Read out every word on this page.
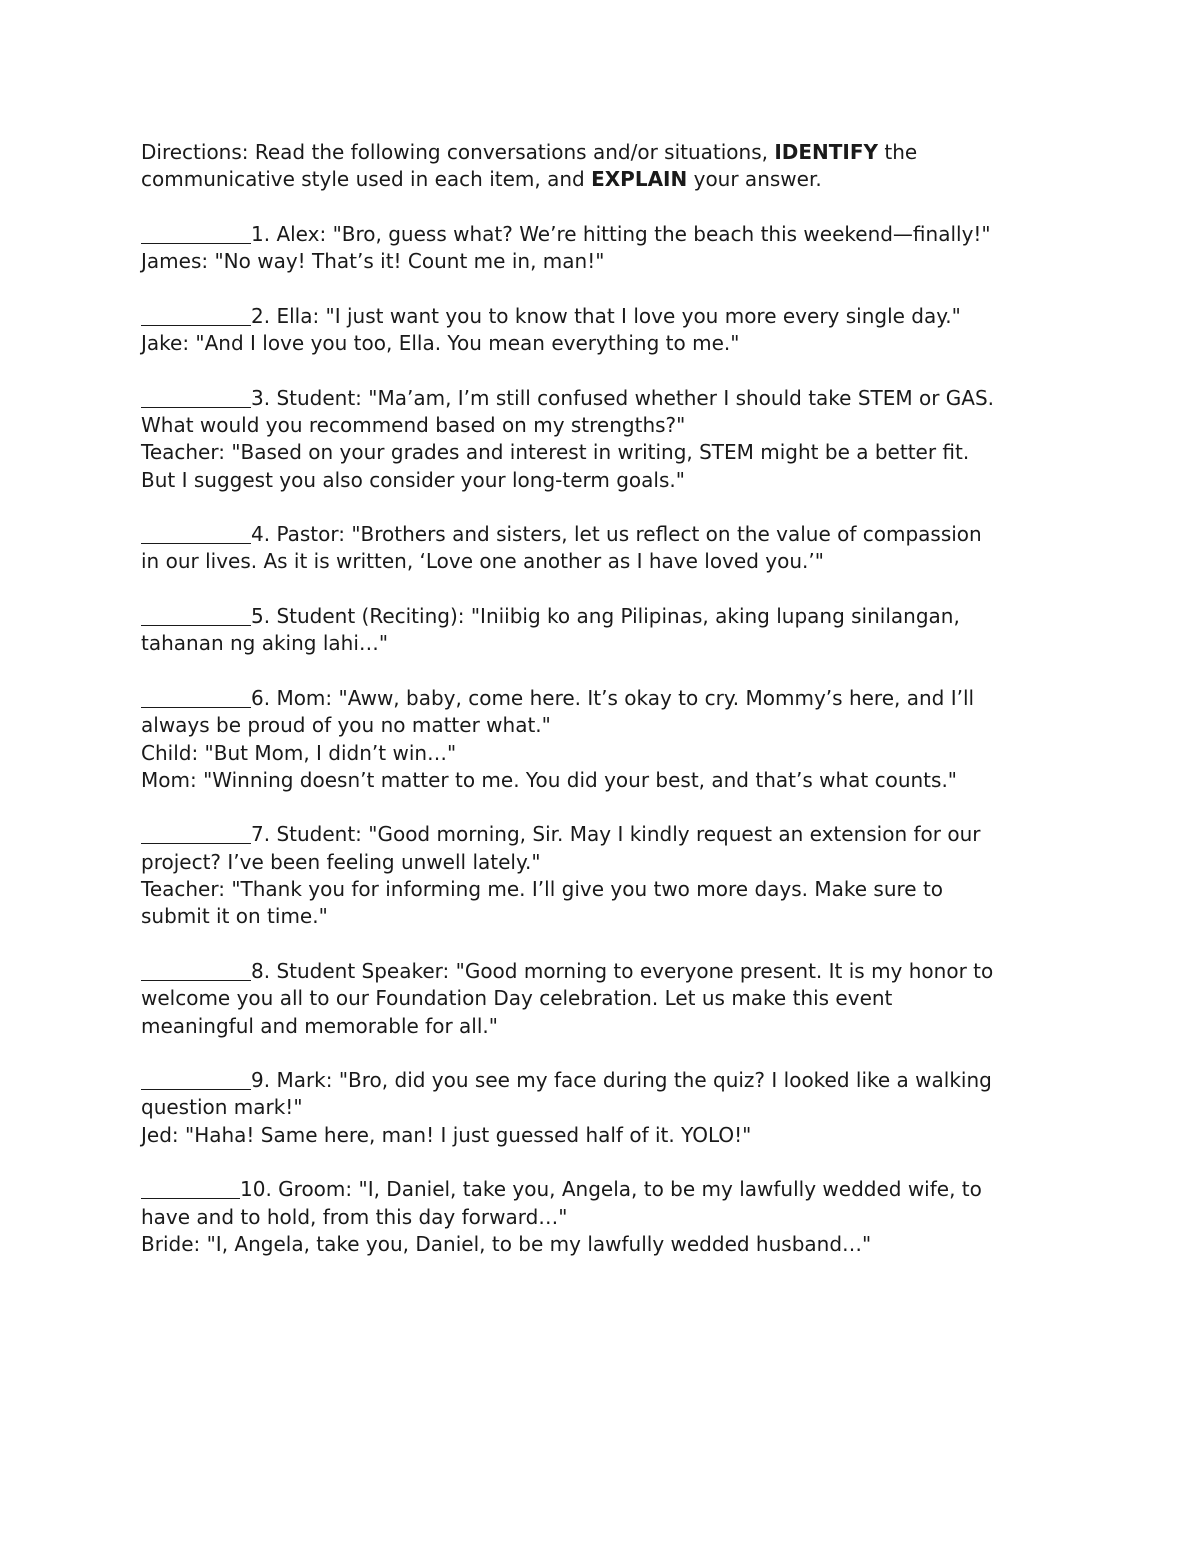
Directions: Read the following conversations and/or situations, IDENTIFY the
communicative style used in each item, and EXPLAIN your answer.
1. Alex: "Bro, guess what? We’re hitting the beach this weekend—finally!"
James: "No way! That’s it! Count me in, man!"
2. Ella: "I just want you to know that I love you more every single day."
Jake: "And I love you too, Ella. You mean everything to me."
3. Student: "Ma’am, I’m still confused whether I should take STEM or GAS.
What would you recommend based on my strengths?"
Teacher: "Based on your grades and interest in writing, STEM might be a better fit.
But I suggest you also consider your long-term goals."
4. Pastor: "Brothers and sisters, let us reflect on the value of compassion
in our lives. As it is written, ‘Love one another as I have loved you.’"
5. Student (Reciting): "Iniibig ko ang Pilipinas, aking lupang sinilangan,
tahanan ng aking lahi…"
6. Mom: "Aww, baby, come here. It’s okay to cry. Mommy’s here, and I’ll
always be proud of you no matter what."
Child: "But Mom, I didn’t win…"
Mom: "Winning doesn’t matter to me. You did your best, and that’s what counts."
7. Student: "Good morning, Sir. May I kindly request an extension for our
project? I’ve been feeling unwell lately."
Teacher: "Thank you for informing me. I’ll give you two more days. Make sure to
submit it on time."
8. Student Speaker: "Good morning to everyone present. It is my honor to
welcome you all to our Foundation Day celebration. Let us make this event
meaningful and memorable for all."
9. Mark: "Bro, did you see my face during the quiz? I looked like a walking
question mark!"
Jed: "Haha! Same here, man! I just guessed half of it. YOLO!"
10. Groom: "I, Daniel, take you, Angela, to be my lawfully wedded wife, to
have and to hold, from this day forward…"
Bride: "I, Angela, take you, Daniel, to be my lawfully wedded husband…"
